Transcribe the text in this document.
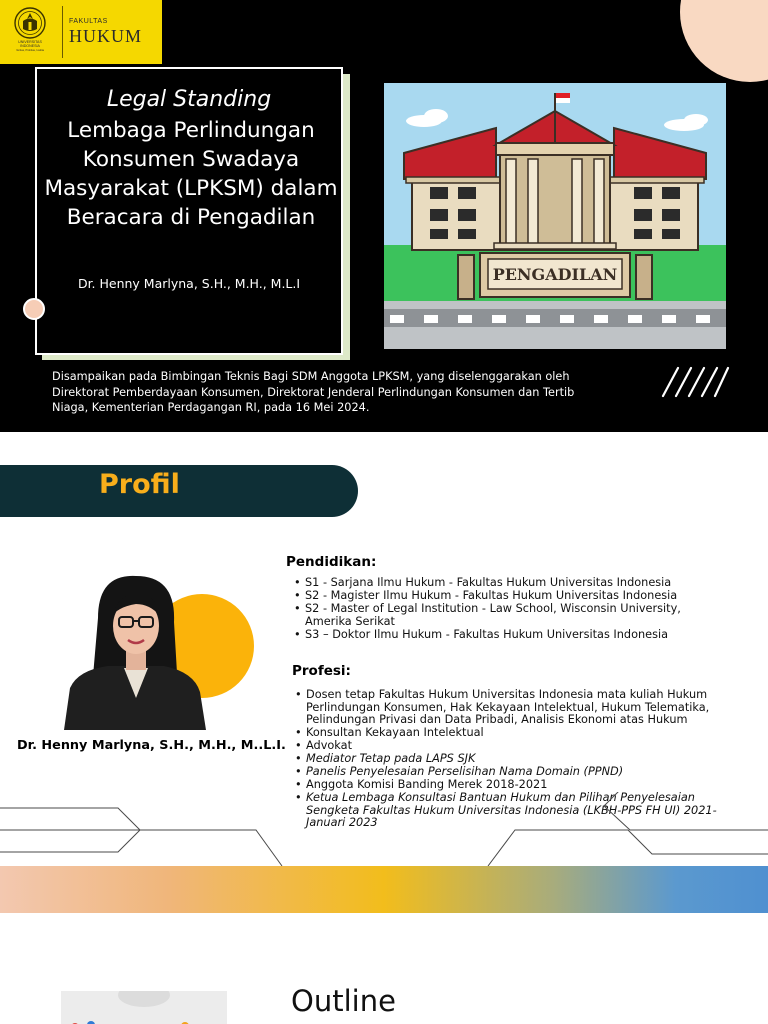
UNIVERSITAS INDONESIA
Veritas, Probitas, Iustitia
FAKULTAS
HUKUM
Legal Standing
Lembaga Perlindungan Konsumen Swadaya Masyarakat (LPKSM) dalam Beracara di Pengadilan
Dr. Henny Marlyna, S.H., M.H., M.L.I	PENGADILAN
Disampaikan pada Bimbingan Teknis Bagi SDM Anggota LPKSM, yang diselenggarakan oleh Direktorat Pemberdayaan Konsumen, Direktorat Jenderal Perlindungan Konsumen dan Tertib Niaga, Kementerian Perdagangan RI, pada 16 Mei 2024.
Profil
Dr. Henny Marlyna, S.H., M.H., M..L.I.
Pendidikan:
• S1 - Sarjana Ilmu Hukum - Fakultas Hukum Universitas Indonesia
• S2 - Magister Ilmu Hukum - Fakultas Hukum Universitas Indonesia
• S2 - Master of Legal Institution - Law School, Wisconsin University, Amerika Serikat
• S3 – Doktor Ilmu Hukum - Fakultas Hukum Universitas Indonesia
Profesi:
• Dosen tetap Fakultas Hukum Universitas Indonesia mata kuliah Hukum Perlindungan Konsumen, Hak Kekayaan Intelektual, Hukum Telematika, Pelindungan Privasi dan Data Pribadi, Analisis Ekonomi atas Hukum
• Konsultan Kekayaan Intelektual
• Advokat
• Mediator Tetap pada LAPS SJK
• Panelis Penyelesaian Perselisihan Nama Domain (PPND)
• Anggota Komisi Banding Merek 2018-2021
• Ketua Lembaga Konsultasi Bantuan Hukum dan Pilihan Penyelesaian Sengketa Fakultas Hukum Universitas Indonesia (LKBH-PPS FH UI) 2021-Januari 2023
Outline
